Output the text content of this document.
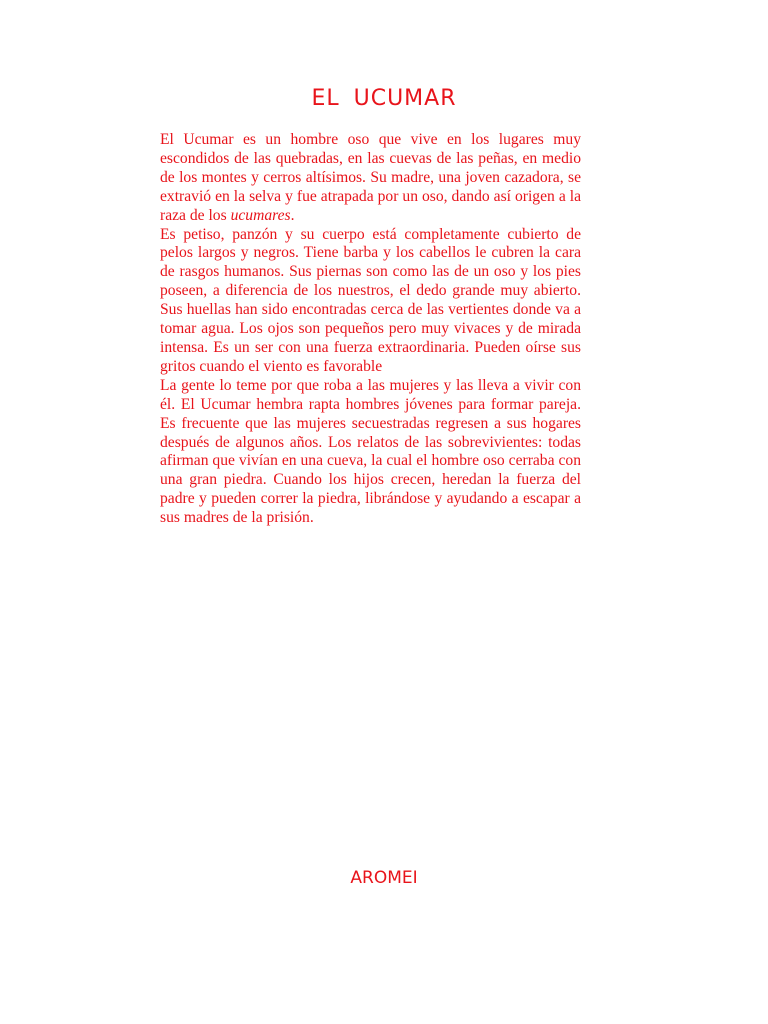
EL UCUMAR

El Ucumar es un hombre oso que vive en los lugares muy escondidos de las quebradas, en las cuevas de las peñas, en medio de los montes y cerros altísimos. Su madre, una joven cazadora, se extravió en la selva y fue atrapada por un oso, dando así origen a la raza de los ucumares.

Es petiso, panzón y su cuerpo está completamente cubierto de pelos largos y negros. Tiene barba y los cabellos le cubren la cara de rasgos humanos. Sus piernas son como las de un oso y los pies poseen, a diferencia de los nuestros, el dedo grande muy abierto. Sus huellas han sido encontradas cerca de las vertientes donde va a tomar agua. Los ojos son pequeños pero muy vivaces y de mirada intensa. Es un ser con una fuerza extraordinaria. Pueden oírse sus gritos cuando el viento es favorable

La gente lo teme por que roba a las mujeres y las lleva a vivir con él. El Ucumar hembra rapta hombres jóvenes para formar pareja. Es frecuente que las mujeres secuestradas regresen a sus hogares después de algunos años. Los relatos de las sobrevivientes: todas afirman que vivían en una cueva, la cual el hombre oso cerraba con una gran piedra. Cuando los hijos crecen, heredan la fuerza del padre y pueden correr la piedra, librándose y ayudando a escapar a sus madres de la prisión.

AROMEI
